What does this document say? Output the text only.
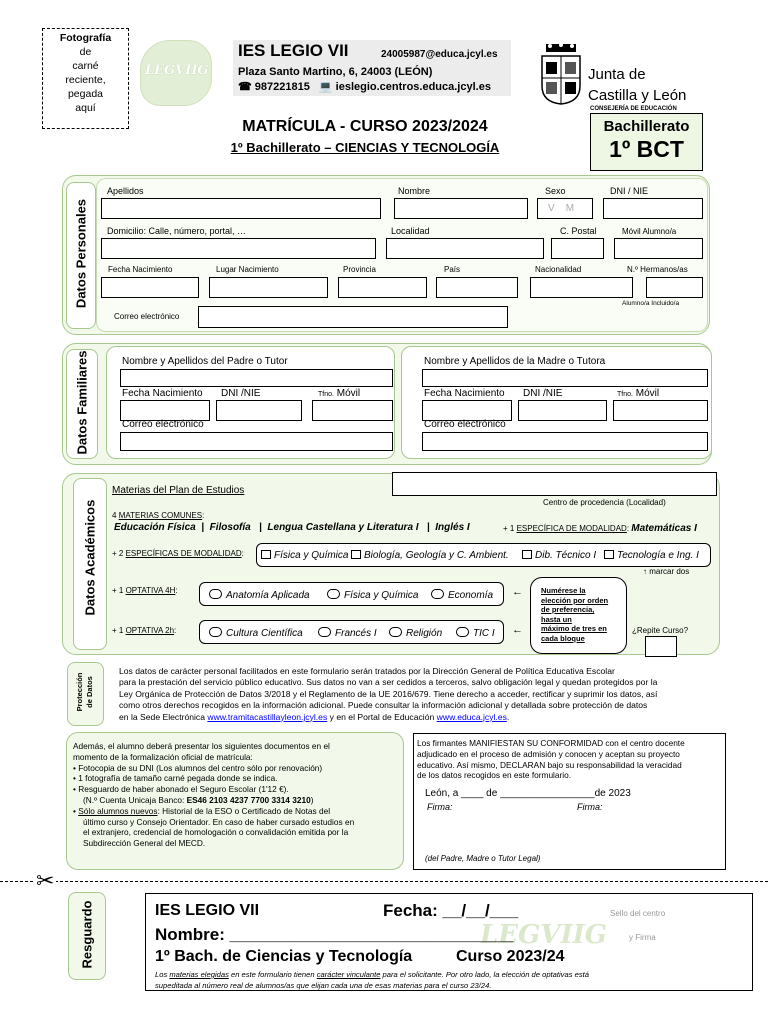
Fotografía
de
carné
reciente,
pegada
aquí
LEGVIIG
IES LEGIO VII	24005987@educa.jcyl.es
Plaza Santo Martino, 6, 24003 (LEÓN)
☎ 987221815 💻 ieslegio.centros.educa.jcyl.es
Junta de
Castilla y León
CONSEJERÍA DE EDUCACIÓN
MATRÍCULA - CURSO 2023/2024
1º Bachillerato – CIENCIAS Y TECNOLOGÍA
Bachillerato
1º BCT
Datos Personales
Apellidos	Nombre	Sexo	DNI / NIE
V    M
Domicilio: Calle, número, portal, …	Localidad	C. Postal	Móvil Alumno/a
Fecha Nacimiento	Lugar Nacimiento	Provincia	País	Nacionalidad	N.º Hermanos/as
Alumno/a Incluido/a
Correo electrónico
Datos Familiares	Nombre y Apellidos del Padre o Tutor
Fecha Nacimiento DNI /NIE	Tfno. Móvil
Correo electrónico
Nombre y Apellidos de la Madre o Tutora
Fecha Nacimiento DNI /NIE	Tfno. Móvil
Correo electrónico
Datos Académicos
Materias del Plan de Estudios
Centro de procedencia (Localidad)
4 MATERIAS COMUNES:
Educación Física  |  Filosofía   |  Lengua Castellana y Literatura I   |  Inglés I	+ 1 ESPECÍFICA DE MODALIDAD: Matemáticas I
+ 2 ESPECÍFICAS DE MODALIDAD:	Física y Química	Biología, Geología y C. Ambient.	Dib. Técnico I	Tecnología e Ing. I
↑ marcar dos
+ 1 OPTATIVA 4H:	Anatomía Aplicada	Física y Química	Economía
+ 1 OPTATIVA 2h:	Cultura Científica	Francés I	Religión	TIC I
←
←
Numérese la
elección por orden
de preferencia,
hasta un
máximo de tres en
cada bloque
¿Repite Curso?
Protección de Datos
Los datos de carácter personal facilitados en este formulario serán tratados por la Dirección General de Política Educativa Escolar
para la prestación del servicio público educativo. Sus datos no van a ser cedidos a terceros, salvo obligación legal y quedan protegidos por la
Ley Orgánica de Protección de Datos 3/2018 y el Reglamento de la UE 2016/679. Tiene derecho a acceder, rectificar y suprimir los datos, así
como otros derechos recogidos en la información adicional. Puede consultar la información adicional y detallada sobre protección de datos
en la Sede Electrónica www.tramitacastillayleon.jcyl.es y en el Portal de Educación www.educa.jcyl.es.
Además, el alumno deberá presentar los siguientes documentos en el
momento de la formalización oficial de matrícula:
• Fotocopia de su DNI (Los alumnos del centro sólo por renovación)
• 1 fotografía de tamaño carné pegada donde se indica.
• Resguardo de haber abonado el Seguro Escolar (1'12 €).
(N.º Cuenta Unicaja Banco: ES46 2103 4237 7700 3314 3210)
• Sólo alumnos nuevos: Historial de la ESO o Certificado de Notas del
último curso y Consejo Orientador. En caso de haber cursado estudios en
el extranjero, credencial de homologación o convalidación emitida por la
Subdirección General del MECD.
Los firmantes MANIFIESTAN SU CONFORMIDAD con el centro docente
adjudicado en el proceso de admisión y conocen y aceptan su proyecto
educativo. Así mismo, DECLARAN bajo su responsabilidad la veracidad
de los datos recogidos en este formulario.
León, a ____ de _________________de 2023
Firma:	Firma:
(del Padre, Madre o Tutor Legal)
✂
Resguardo	LEGVIIG
IES LEGIO VII	Fecha: __/__/___
Nombre: ______________________________
1º Bach. de Ciencias y Tecnología	Curso 2023/24
Sello del centro
y Firma
Los materias elegidas en este formulario tienen carácter vinculante para el solicitante. Por otro lado, la elección de optativas está
supeditada al número real de alumnos/as que elijan cada una de esas materias para el curso 23/24.
